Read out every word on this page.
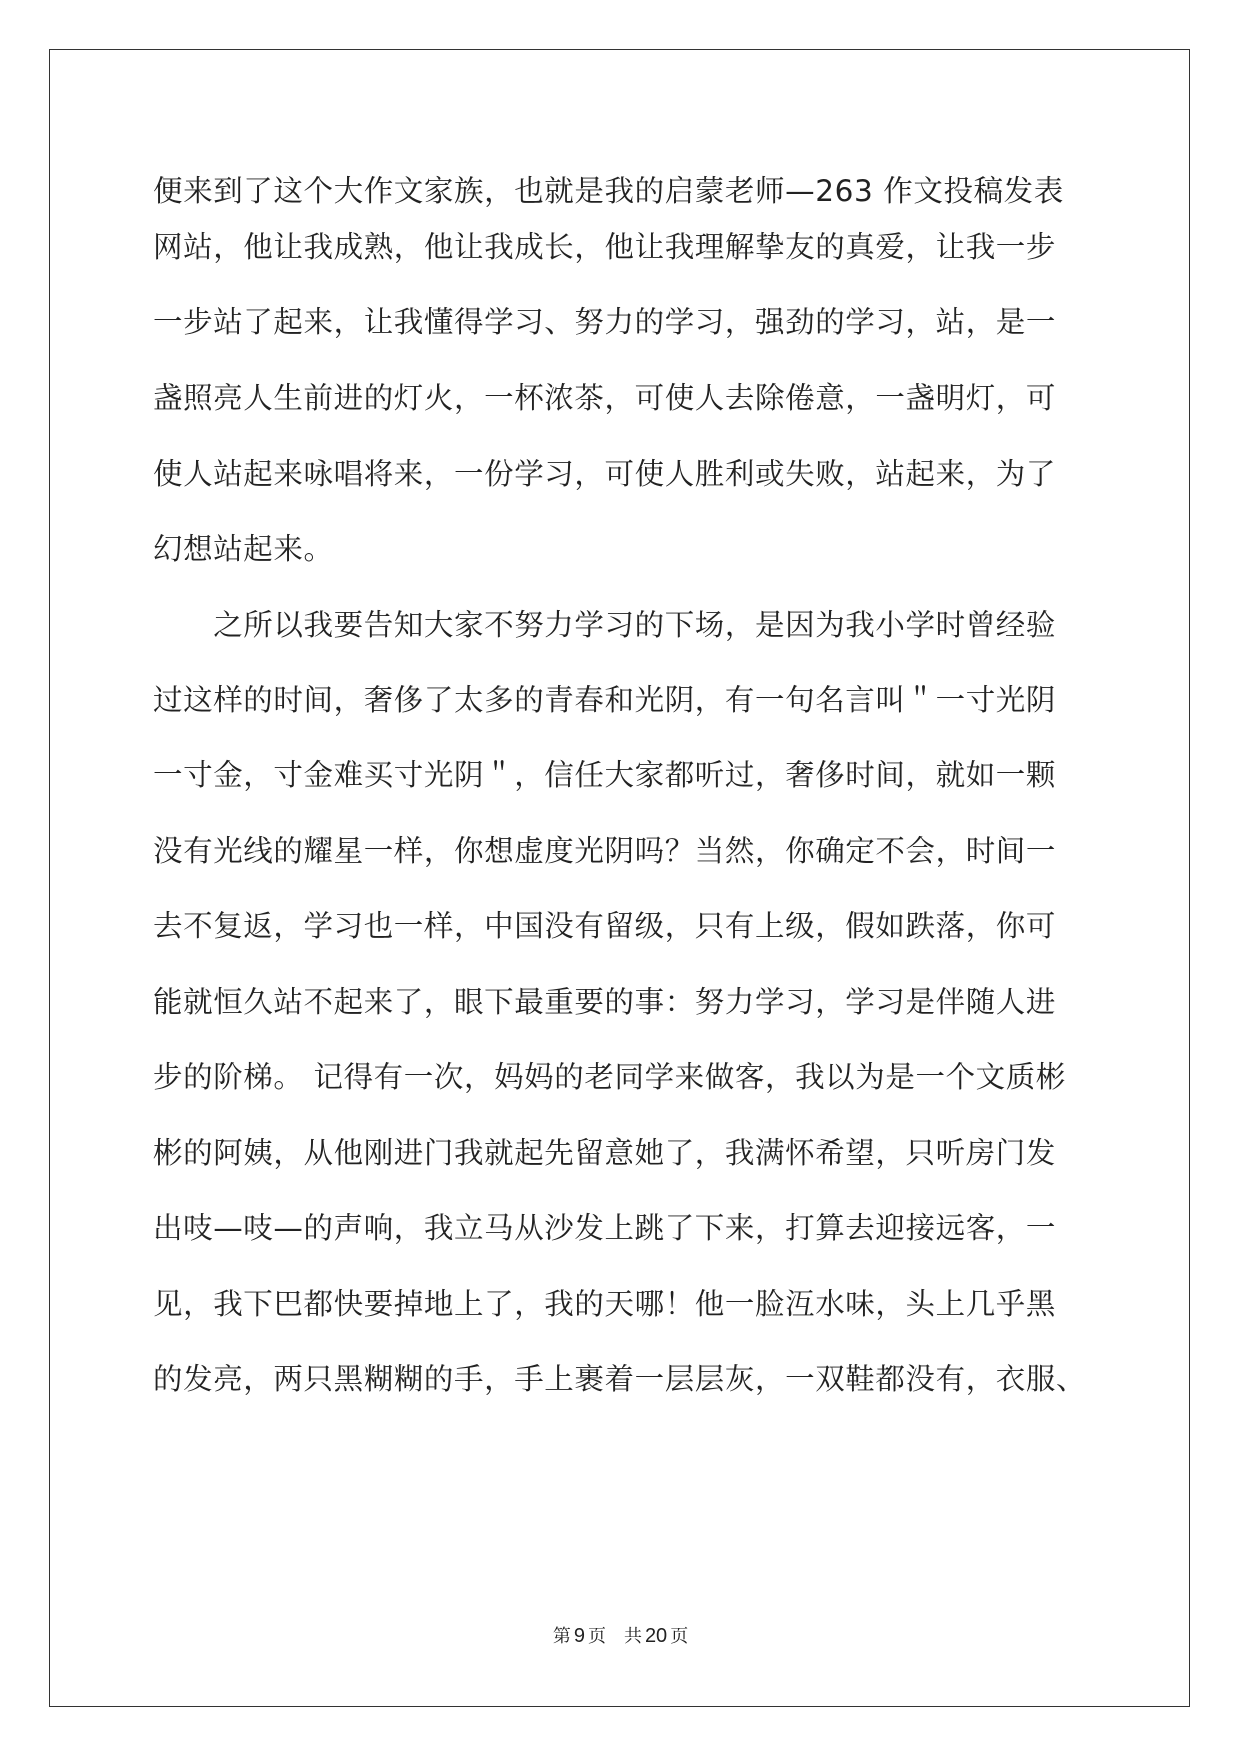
便来到了这个大作文家族，也就是我的启蒙老师—263 作文投稿发表
网站，他让我成熟，他让我成长，他让我理解挚友的真爱，让我一步
一步站了起来，让我懂得学习、努力的学习，强劲的学习，站，是一
盏照亮人生前进的灯火，一杯浓茶，可使人去除倦意，一盏明灯，可
使人站起来咏唱将来，一份学习，可使人胜利或失败，站起来，为了
幻想站起来。
　　之所以我要告知大家不努力学习的下场，是因为我小学时曾经验
过这样的时间，奢侈了太多的青春和光阴，有一句名言叫＂一寸光阴
一寸金，寸金难买寸光阴＂，信任大家都听过，奢侈时间，就如一颗
没有光线的耀星一样，你想虚度光阴吗？当然，你确定不会，时间一
去不复返，学习也一样，中国没有留级，只有上级，假如跌落，你可
能就恒久站不起来了，眼下最重要的事：努力学习，学习是伴随人进
步的阶梯。 记得有一次，妈妈的老同学来做客，我以为是一个文质彬
彬的阿姨，从他刚进门我就起先留意她了，我满怀希望，只听房门发
出吱—吱—的声响，我立马从沙发上跳了下来，打算去迎接远客，一
见，我下巴都快要掉地上了，我的天哪！他一脸沍水味，头上几乎黑
的发亮，两只黑糊糊的手，手上裹着一层层灰，一双鞋都没有，衣服、
第 9 页 共 20 页
